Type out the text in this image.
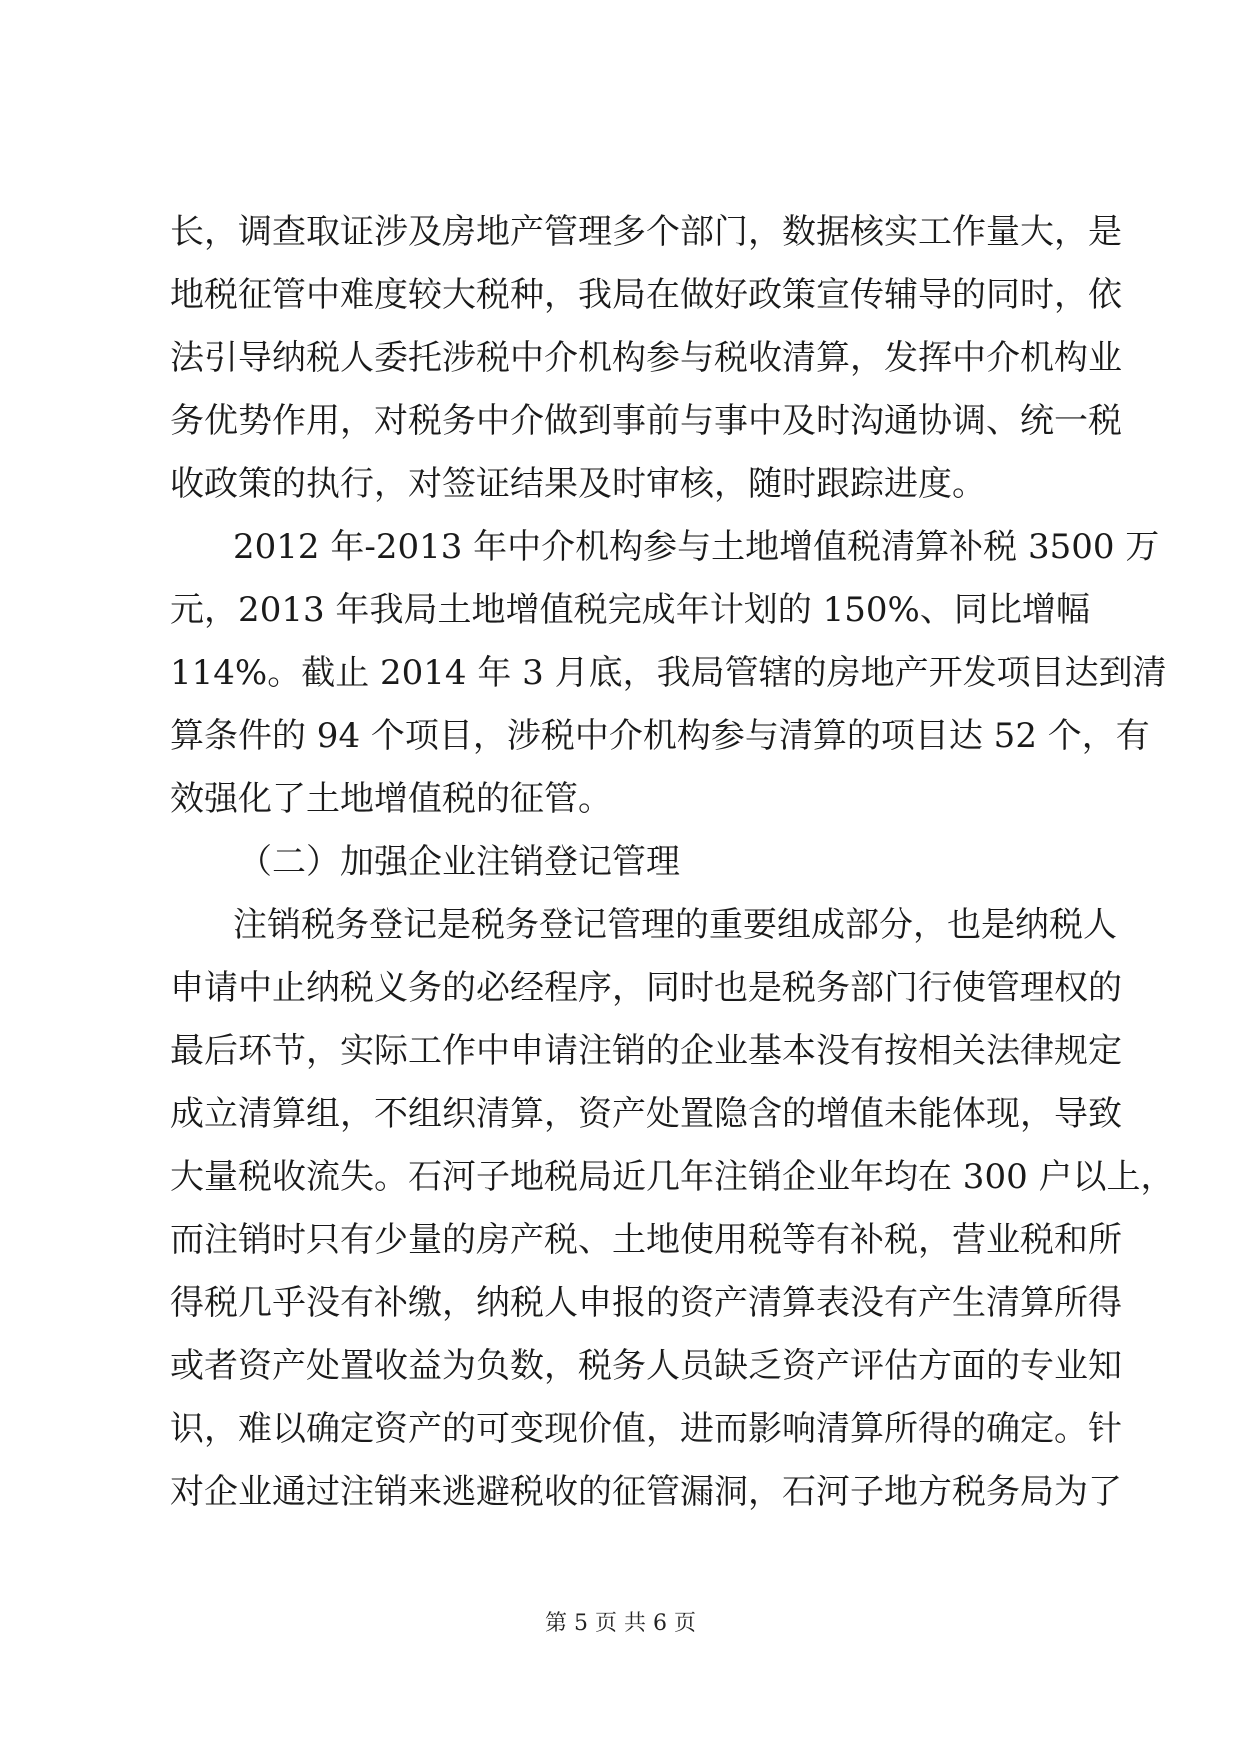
长，调查取证涉及房地产管理多个部门，数据核实工作量大，是
地税征管中难度较大税种，我局在做好政策宣传辅导的同时，依
法引导纳税人委托涉税中介机构参与税收清算，发挥中介机构业
务优势作用，对税务中介做到事前与事中及时沟通协调、统一税
收政策的执行，对签证结果及时审核，随时跟踪进度。
2012 年-2013 年中介机构参与土地增值税清算补税 3500 万
元，2013 年我局土地增值税完成年计划的 150%、同比增幅
114%。截止 2014 年 3 月底，我局管辖的房地产开发项目达到清
算条件的 94 个项目，涉税中介机构参与清算的项目达 52 个，有
效强化了土地增值税的征管。
（二）加强企业注销登记管理
注销税务登记是税务登记管理的重要组成部分，也是纳税人
申请中止纳税义务的必经程序，同时也是税务部门行使管理权的
最后环节，实际工作中申请注销的企业基本没有按相关法律规定
成立清算组，不组织清算，资产处置隐含的增值未能体现，导致
大量税收流失。石河子地税局近几年注销企业年均在 300 户以上，
而注销时只有少量的房产税、土地使用税等有补税，营业税和所
得税几乎没有补缴，纳税人申报的资产清算表没有产生清算所得
或者资产处置收益为负数，税务人员缺乏资产评估方面的专业知
识，难以确定资产的可变现价值，进而影响清算所得的确定。针
对企业通过注销来逃避税收的征管漏洞，石河子地方税务局为了
第 5 页 共 6 页
